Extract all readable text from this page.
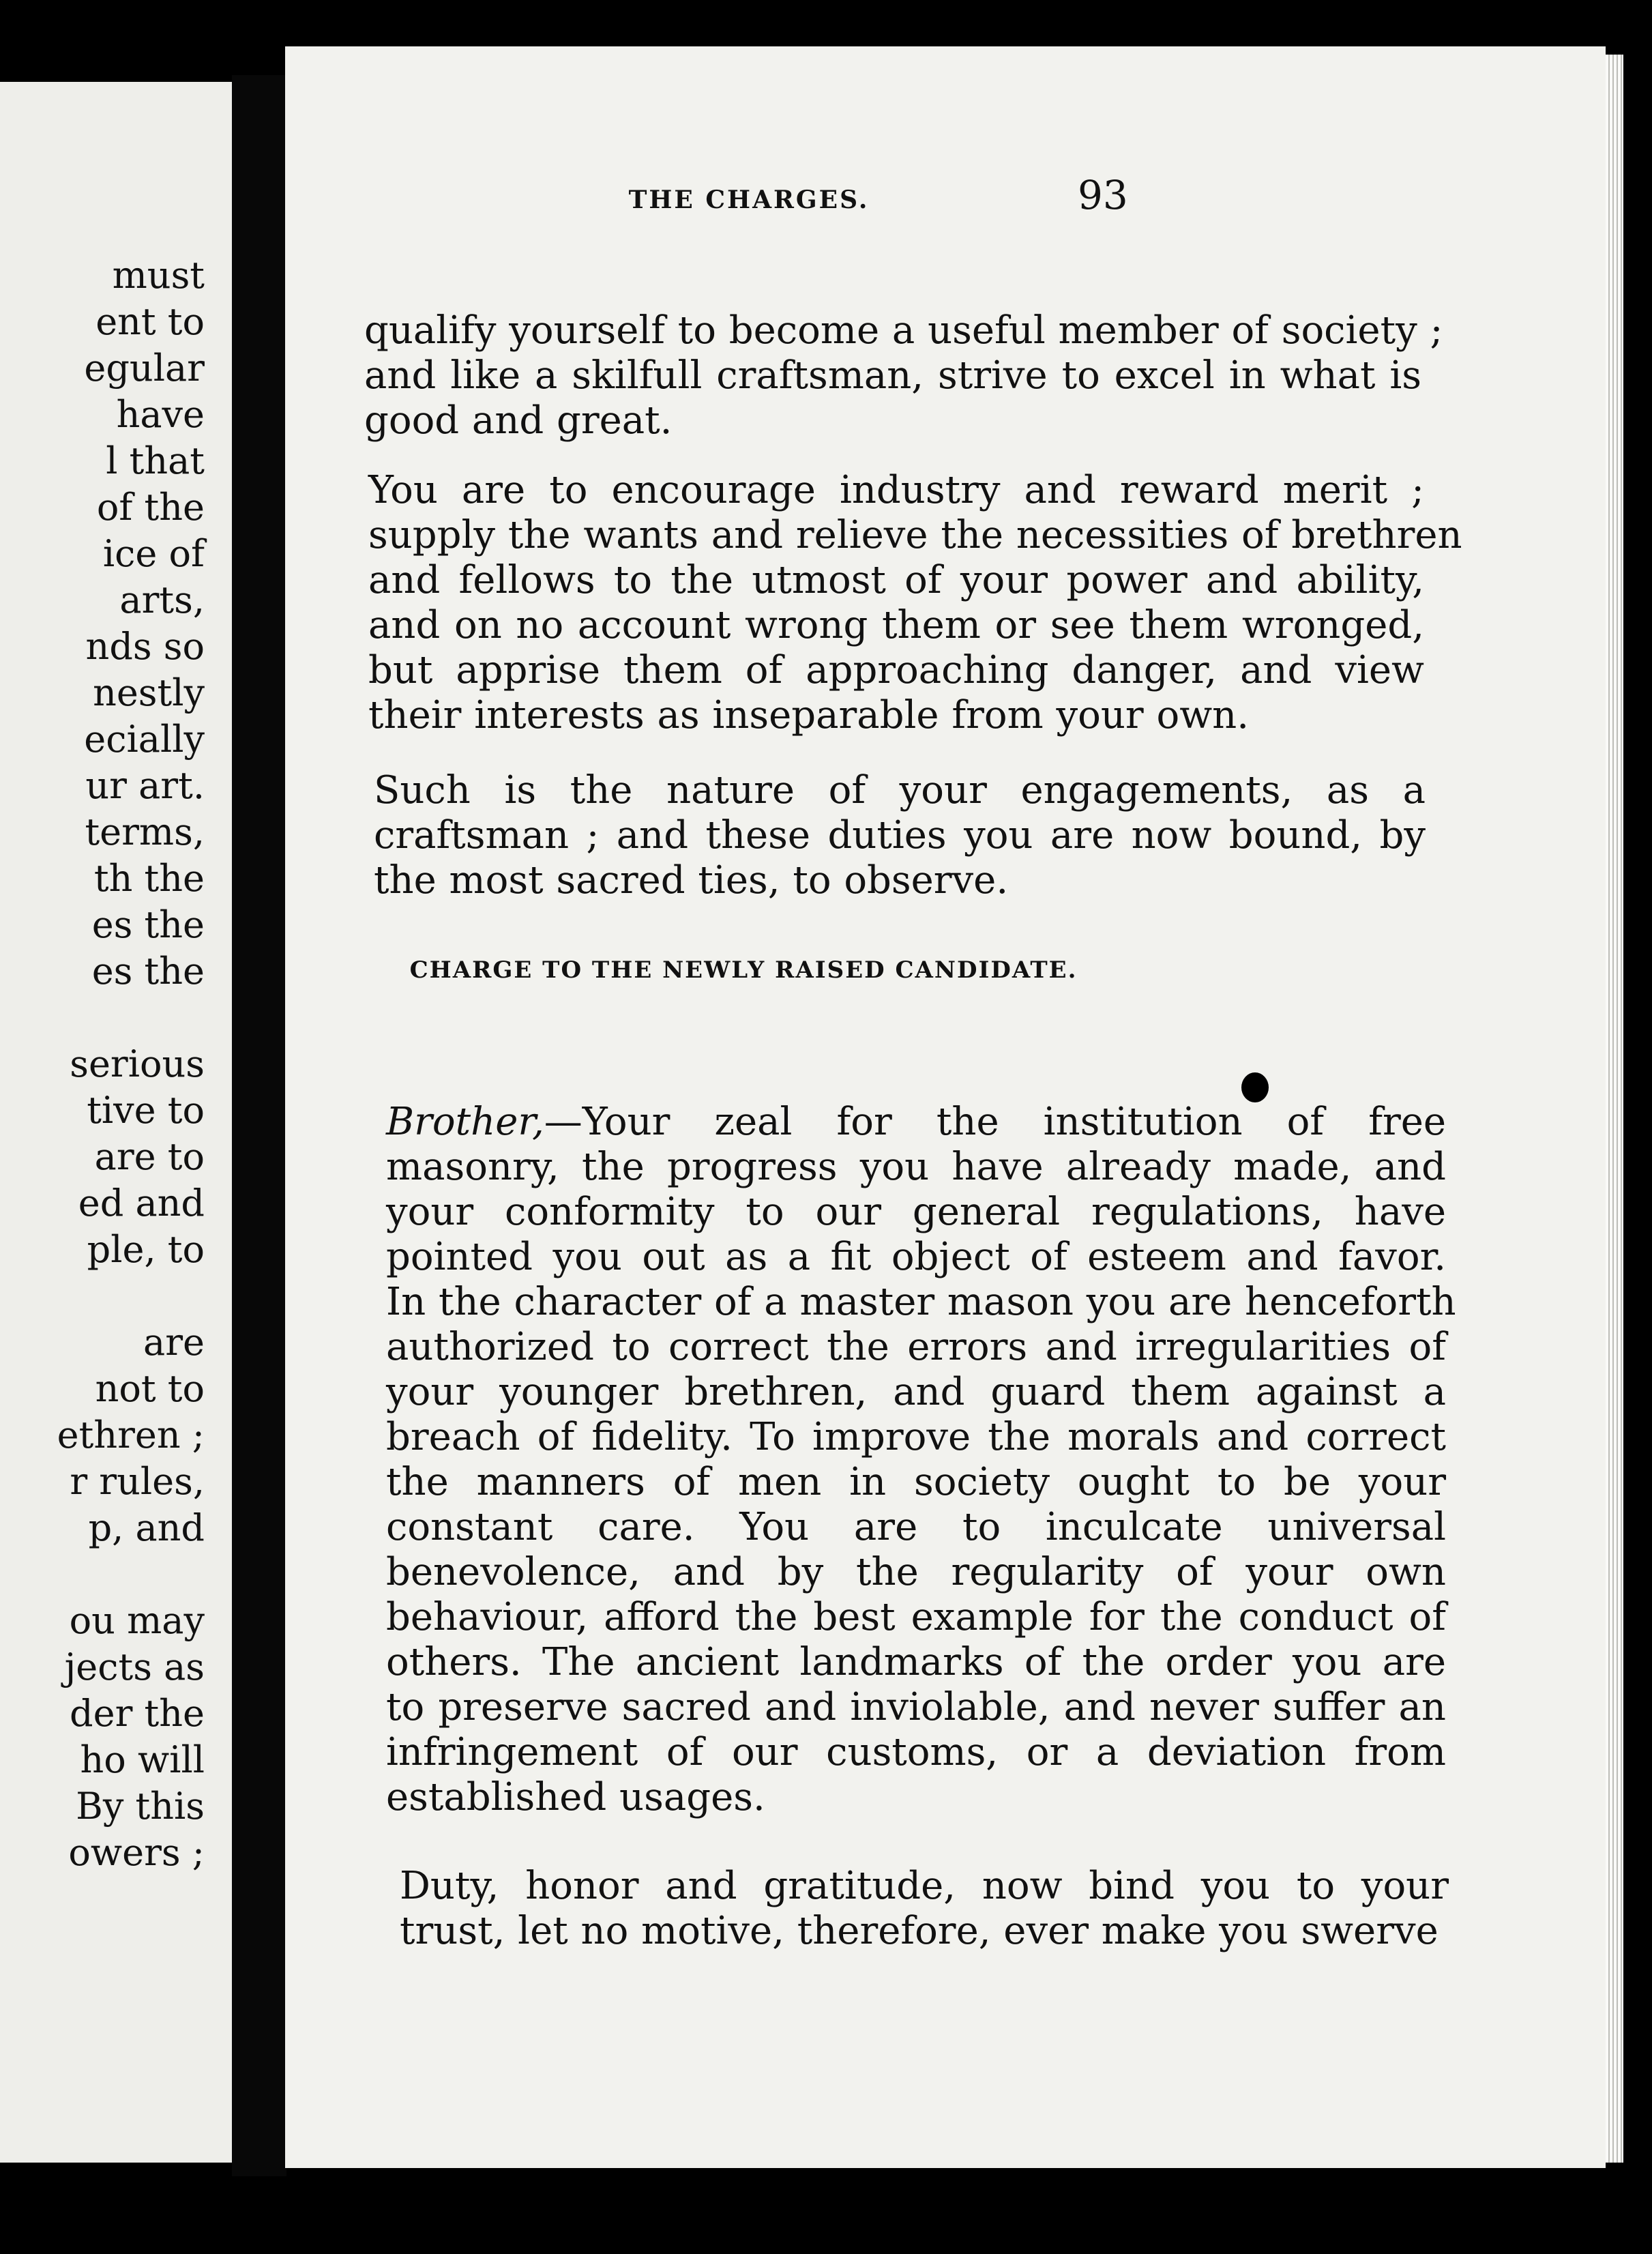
must
ent to
egular
have
l that
of the
ice of
arts,
nds so
nestly
ecially
ur art.
terms,
th the
es the
es the
serious
tive to
are to
ed and
ple, to
are
not to
ethren ;
r rules,
p, and
ou may
jects as
der the
ho will
By this
owers ;
THE CHARGES.	93
qualify yourself to become a useful member of society ;
and like a skilfull craftsman, strive to excel in what is
good and great.
You are to encourage industry and reward merit ;
supply the wants and relieve the necessities of brethren
and fellows to the utmost of your power and ability,
and on no account wrong them or see them wronged,
but apprise them of approaching danger, and view
their interests as inseparable from your own.
Such is the nature of your engagements, as a
craftsman ; and these duties you are now bound, by
the most sacred ties, to observe.
CHARGE TO THE NEWLY RAISED CANDIDATE.
Brother,—Your zeal for the institution of free
masonry, the progress you have already made, and
your conformity to our general regulations, have
pointed you out as a fit object of esteem and favor.
In the character of a master mason you are henceforth
authorized to correct the errors and irregularities of
your younger brethren, and guard them against a
breach of fidelity. To improve the morals and correct
the manners of men in society ought to be your
constant care. You are to inculcate universal
benevolence, and by the regularity of your own
behaviour, afford the best example for the conduct of
others. The ancient landmarks of the order you are
to preserve sacred and inviolable, and never suffer an
infringement of our customs, or a deviation from
established usages.
Duty, honor and gratitude, now bind you to your
trust, let no motive, therefore, ever make you swerve
